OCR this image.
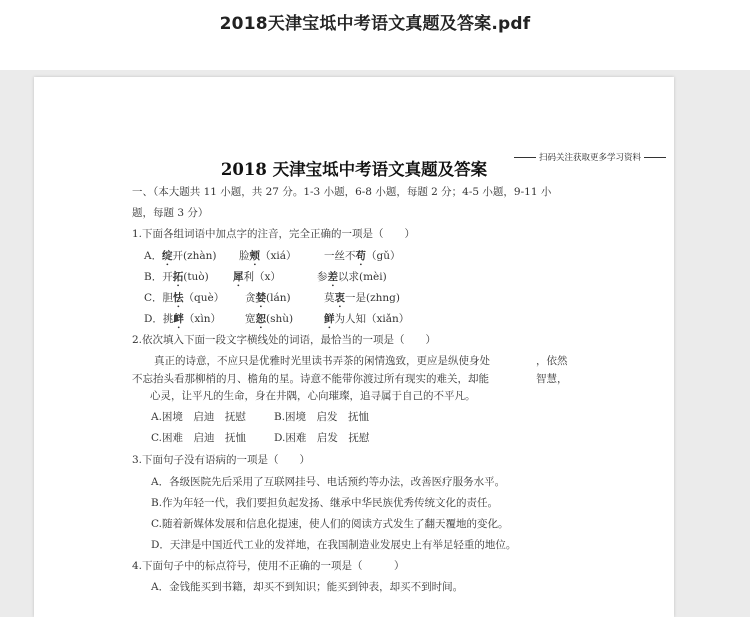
2018天津宝坻中考语文真题及答案.pdf
扫码关注获取更多学习资料
2018 天津宝坻中考语文真题及答案
一、（本大题共 11 小题，共 27 分。1-3 小题，6-8 小题，每题 2 分；4-5 小题，9-11 小
题，每题 3 分）
1.下面各组词语中加点字的注音，完全正确的一项是（　　）
A． 绽开(zhàn) 脸颊（xiá）	一丝不苟（gǔ）
B．开拓(tuò) 犀利（x）	参差以求(mèi)
C．胆怯（què） 贪婪(lán)	莫衷一是(zhng)
D．挑衅（xìn） 宽恕(shù)	鲜为人知（xiǎn）
2.依次填入下面一段文字横线处的词语，最恰当的一项是（　　）
真正的诗意，不应只是优雅时光里读书弄茶的闲情逸致，更应是纵使身处	，依然
不忘抬头看那柳梢的月、檐角的星。诗意不能带你渡过所有现实的难关，却能	智慧，
心灵，让平凡的生命，身在井隅，心向璀璨，追寻属于自己的不平凡。
A.困境　启迪　抚慰	B.困境　启发　抚恤
C.困难　启迪　抚恤	D.困难　启发　抚慰
3.下面句子没有语病的一项是（　　）
A．各级医院先后采用了互联网挂号、电话预约等办法，改善医疗服务水平。
B.作为年轻一代，我们要担负起发扬、继承中华民族优秀传统文化的责任。
C.随着新媒体发展和信息化提速，使人们的阅读方式发生了翻天覆地的变化。
D．天津是中国近代工业的发祥地，在我国制造业发展史上有举足轻重的地位。
4.下面句子中的标点符号，使用不正确的一项是（　　　）
A．金钱能买到书籍，却买不到知识；能买到钟表，却买不到时间。
